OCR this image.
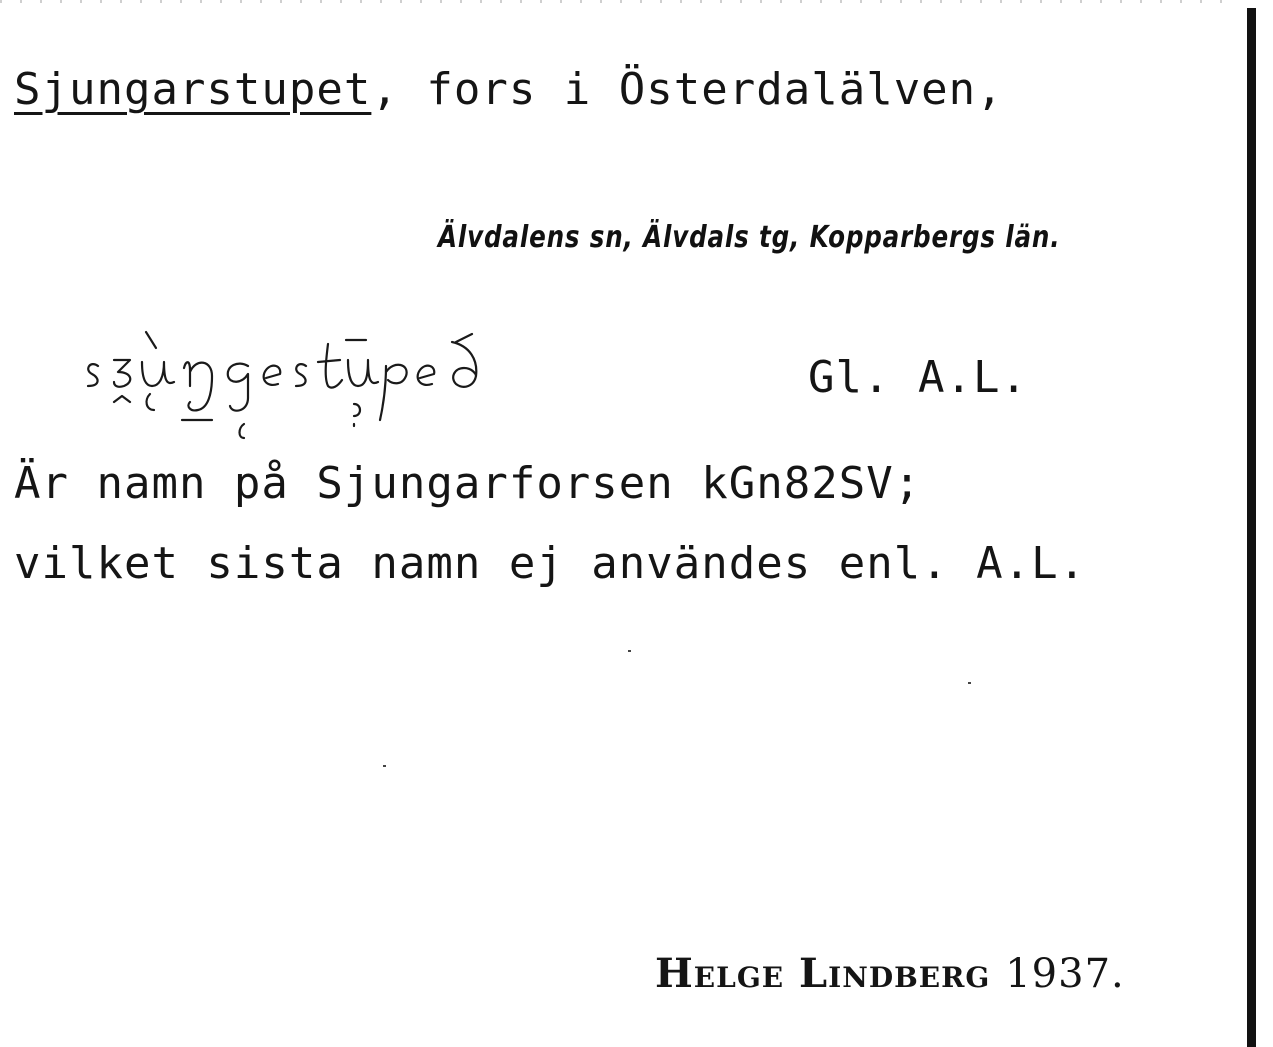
Sjungarstupet, fors i Österdalälven,
Älvdalens sn, Älvdals tg, Kopparbergs län.
Gl. A.L.
Är namn på Sjungarforsen kGn82SV;
vilket sista namn ej användes enl. A.L.
Helge Lindberg 1937.
